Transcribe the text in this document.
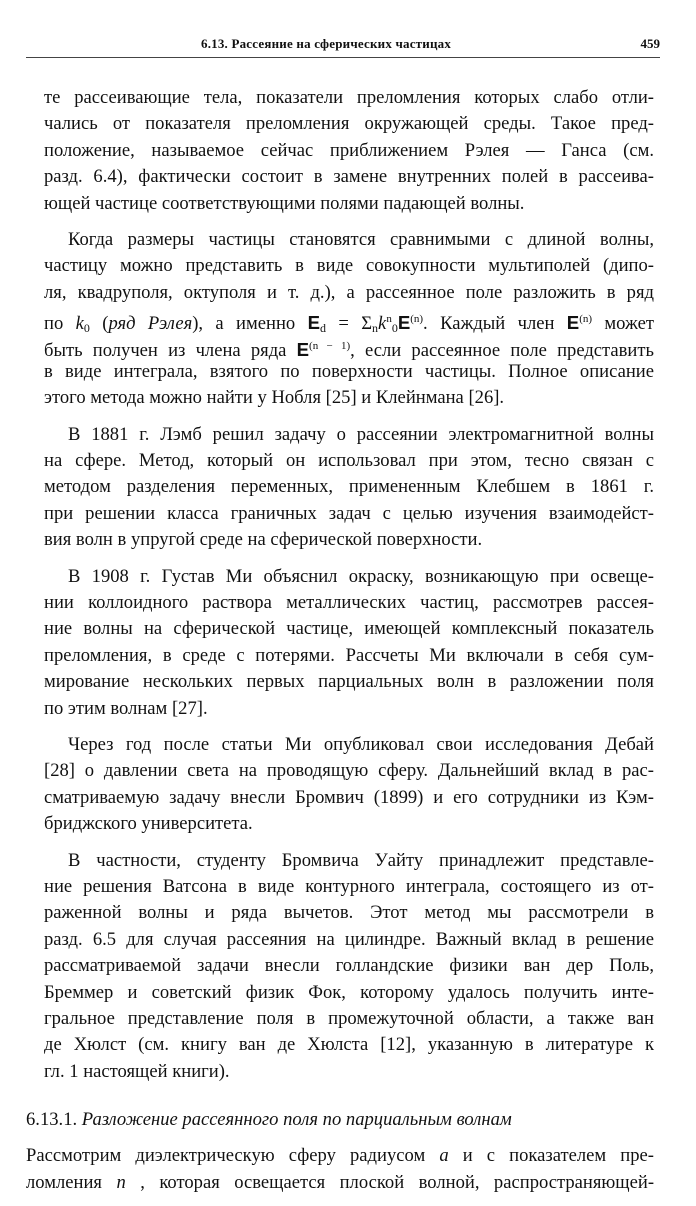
6.13. Рассеяние на сферических частицах	459
те рассеивающие тела, показатели преломления которых слабо отли-
чались от показателя преломления окружающей среды. Такое пред-
положение, называемое сейчас приближением Рэлея — Ганса (см.
разд. 6.4), фактически состоит в замене внутренних полей в рассеива-
ющей частице соответствующими полями падающей волны.
Когда размеры частицы становятся сравнимыми с длиной волны,
частицу можно представить в виде совокупности мультиполей (дипо-
ля, квадруполя, октуполя и т. д.), а рассеянное поле разложить в ряд
по $k_0$ (ряд Рэлея), а именно $E_d = \Sigma_nk^n_0E^{(n)}$. Каждый член $E^{(n)}$ может
быть получен из члена ряда $E^{(n - 1)}$, если рассеянное поле представить
в виде интеграла, взятого по поверхности частицы. Полное описание
этого метода можно найти у Нобля [25] и Клейнмана [26].
В 1881 г. Лэмб решил задачу о рассеянии электромагнитной волны
на сфере. Метод, который он использовал при этом, тесно связан с
методом разделения переменных, примененным Клебшем в 1861 г.
при решении класса граничных задач с целью изучения взаимодейст-
вия волн в упругой среде на сферической поверхности.
В 1908 г. Густав Ми объяснил окраску, возникающую при освеще-
нии коллоидного раствора металлических частиц, рассмотрев рассея-
ние волны на сферической частице, имеющей комплексный показатель
преломления, в среде с потерями. Рассчеты Ми включали в себя сум-
мирование нескольких первых парциальных волн в разложении поля
по этим волнам [27].
Через год после статьи Ми опубликовал свои исследования Дебай
[28] о давлении света на проводящую сферу. Дальнейший вклад в рас-
сматриваемую задачу внесли Бромвич (1899) и его сотрудники из Кэм-
бриджского университета.
В частности, студенту Бромвича Уайту принадлежит представле-
ние решения Ватсона в виде контурного интеграла, состоящего из от-
раженной волны и ряда вычетов. Этот метод мы рассмотрели в
разд. 6.5 для случая рассеяния на цилиндре. Важный вклад в решение
рассматриваемой задачи внесли голландские физики ван дер Поль,
Бреммер и советский физик Фок, которому удалось получить инте-
гральное представление поля в промежуточной области, а также ван
де Хюлст (см. книгу ван де Хюлста [12], указанную в литературе к
гл. 1 настоящей книги).
6.13.1. Разложение рассеянного поля по парциальным волнам
Рассмотрим диэлектрическую сферу радиусом a и с показателем пре-
ломления n , которая освещается плоской волной, распространяющей-
